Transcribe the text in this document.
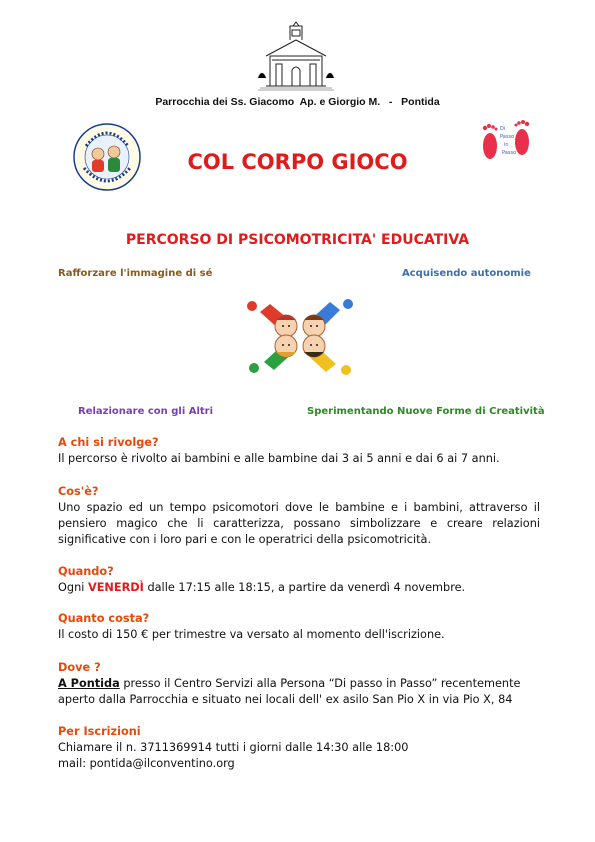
Parrocchia dei Ss. Giacomo  Ap. e Giorgio M.   -   Pontida
Di
Passo
in
Passo
COL CORPO GIOCO
PERCORSO DI PSICOMOTRICITA' EDUCATIVA
Rafforzare l'immagine di sé	Acquisendo autonomie
Relazionare con gli Altri	Sperimentando Nuove Forme di Creatività
A chi si rivolge?
Il percorso è rivolto ai bambini e alle bambine dai 3 ai 5 anni e dai 6 ai 7 anni.
Cos'è?
Uno spazio ed un tempo psicomotori dove le bambine e i bambini, attraverso il pensiero magico che li caratterizza, possano simbolizzare e creare relazioni significative con i loro pari e con le operatrici della psicomotricità.
Quando?
Ogni VENERDÌ dalle 17:15 alle 18:15, a partire da venerdì 4 novembre.
Quanto costa?
Il costo di 150 € per trimestre va versato al momento dell'iscrizione.
Dove ?
A Pontida presso il Centro Servizi alla Persona “Di passo in Passo” recentemente
aperto dalla Parrocchia e situato nei locali dell' ex asilo San Pio X in via Pio X, 84
Per Iscrizioni
Chiamare il n. 3711369914 tutti i giorni dalle 14:30 alle 18:00
mail: pontida@ilconventino.org
